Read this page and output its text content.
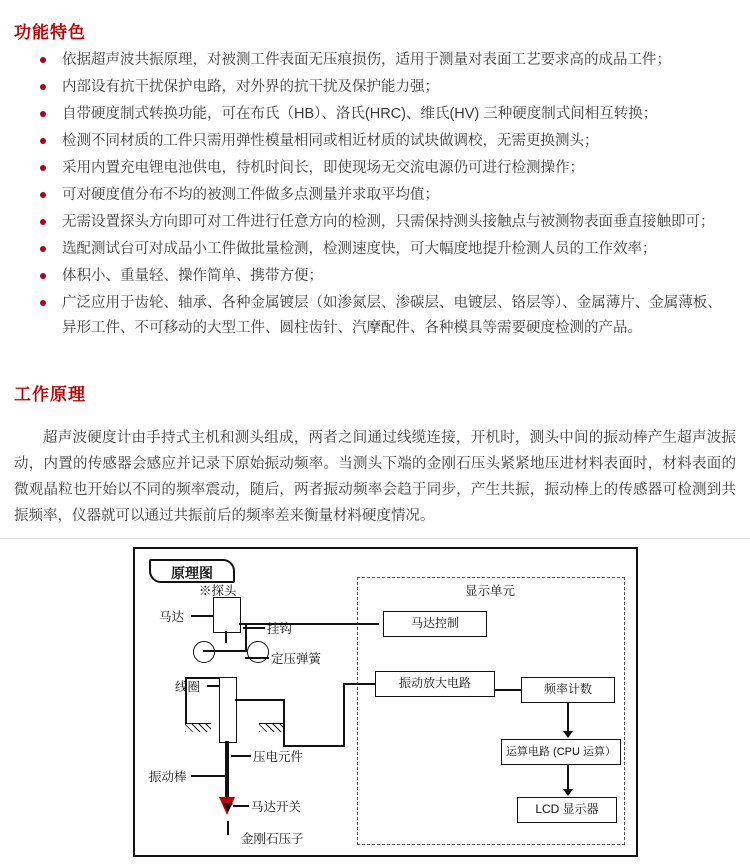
功能特色
依据超声波共振原理，对被测工件表面无压痕损伤，适用于测量对表面工艺要求高的成品工件；
内部设有抗干扰保护电路，对外界的抗干扰及保护能力强；
自带硬度制式转换功能，可在布氏（HB）、洛氏(HRC)、维氏(HV) 三种硬度制式间相互转换；
检测不同材质的工件只需用弹性模量相同或相近材质的试块做调校，无需更换测头；
采用内置充电锂电池供电，待机时间长，即使现场无交流电源仍可进行检测操作；
可对硬度值分布不均的被测工件做多点测量并求取平均值；
无需设置探头方向即可对工件进行任意方向的检测，只需保持测头接触点与被测物表面垂直接触即可；
选配测试台可对成品小工件做批量检测，检测速度快，可大幅度地提升检测人员的工作效率；
体积小、重量轻、操作简单、携带方便；
广泛应用于齿轮、轴承、各种金属镀层（如渗氮层、渗碳层、电镀层、铬层等）、金属薄片、金属薄板、异形工件、不可移动的大型工件、圆柱齿针、汽摩配件、各种模具等需要硬度检测的产品。
工作原理

超声波硬度计由手持式主机和测头组成，两者之间通过线缆连接，开机时，测头中间的振动棒产生超声波振动，内置的传感器会感应并记录下原始振动频率。当测头下端的金刚石压头紧紧地压进材料表面时，材料表面的微观晶粒也开始以不同的频率震动，随后，两者振动频率会趋于同步，产生共振，振动棒上的传感器可检测到共振频率，仪器就可以通过共振前后的频率差来衡量材料硬度情况。

原理图
显示单元
马达控制
振动放大电路	频率计数
运算电路 (CPU 运算）
LCD 显示器
马达
※探头
挂钩
定压弹簧
线圈
压电元件
振动棒
马达开关
金刚石压子
